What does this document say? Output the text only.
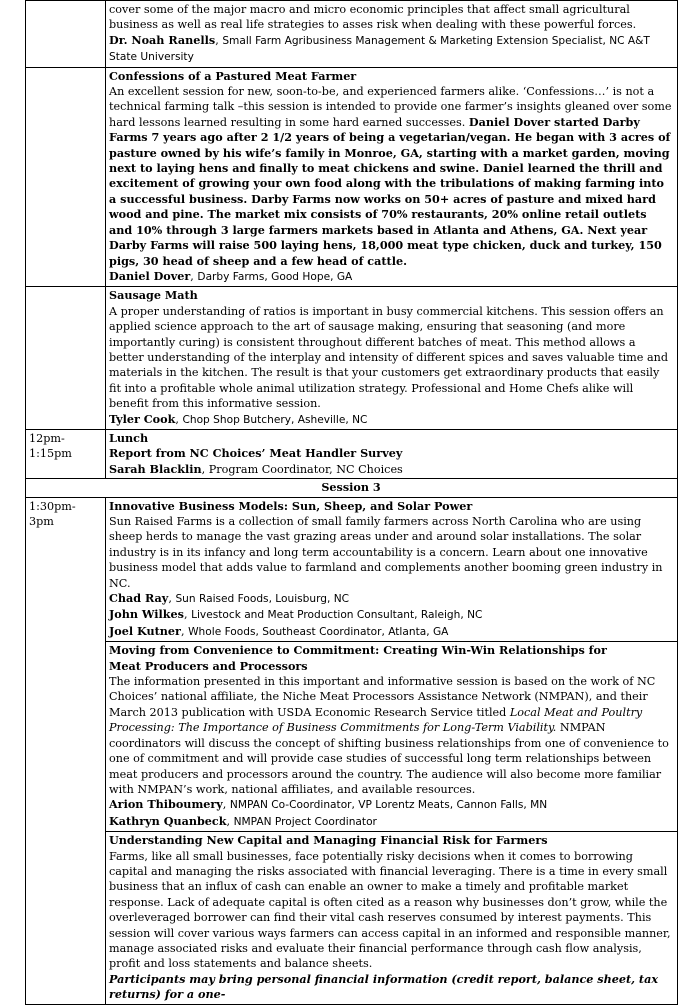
	cover some of the major macro and micro economic principles that affect small agricultural business as well as real life strategies to asses risk when dealing with these powerful forces.
Dr. Noah Ranells, Small Farm Agribusiness Management & Marketing Extension Specialist, NC A&T State University

	Confessions of a Pastured Meat Farmer
An excellent session for new, soon-to-be, and experienced farmers alike. ‘Confessions…’ is not a technical farming talk –this session is intended to provide one farmer’s insights gleaned over some hard lessons learned resulting in some hard earned successes. Daniel Dover started Darby Farms 7 years ago after 2 1/2 years of being a vegetarian/vegan. He began with 3 acres of pasture owned by his wife’s family in Monroe, GA, starting with a market garden, moving next to laying hens and finally to meat chickens and swine. Daniel learned the thrill and excitement of growing your own food along with the tribulations of making farming into a successful business. Darby Farms now works on 50+ acres of pasture and mixed hard wood and pine. The market mix consists of 70% restaurants, 20% online retail outlets and 10% through 3 large farmers markets based in Atlanta and Athens, GA. Next year Darby Farms will raise 500 laying hens, 18,000 meat type chicken, duck and turkey, 150 pigs, 30 head of sheep and a few head of cattle.
Daniel Dover, Darby Farms, Good Hope, GA

	Sausage Math
A proper understanding of ratios is important in busy commercial kitchens. This session offers an applied science approach to the art of sausage making, ensuring that seasoning (and more importantly curing) is consistent throughout different batches of meat. This method allows a better understanding of the interplay and intensity of different spices and saves valuable time and materials in the kitchen. The result is that your customers get extraordinary products that easily fit into a profitable whole animal utilization strategy. Professional and Home Chefs alike will benefit from this informative session.
Tyler Cook, Chop Shop Butchery, Asheville, NC

12pm-
1:15pm	Lunch
Report from NC Choices’ Meat Handler Survey
Sarah Blacklin, Program Coordinator, NC Choices

Session 3	
1:30pm-
3pm	Innovative Business Models: Sun, Sheep, and Solar Power
Sun Raised Farms is a collection of small family farmers across North Carolina who are using sheep herds to manage the vast grazing areas under and around solar installations. The solar industry is in its infancy and long term accountability is a concern. Learn about one innovative business model that adds value to farmland and complements another booming green industry in NC.
Chad Ray, Sun Raised Foods, Louisburg, NC
John Wilkes, Livestock and Meat Production Consultant, Raleigh, NC
Joel Kutner, Whole Foods, Southeast Coordinator, Atlanta, GA

	Moving from Convenience to Commitment: Creating Win-Win Relationships for
Meat Producers and Processors
The information presented in this important and informative session is based on the work of NC Choices’ national affiliate, the Niche Meat Processors Assistance Network (NMPAN), and their March 2013 publication with USDA Economic Research Service titled Local Meat and Poultry Processing: The Importance of Business Commitments for Long-Term Viability. NMPAN coordinators will discuss the concept of shifting business relationships from one of convenience to one of commitment and will provide case studies of successful long term relationships between meat producers and processors around the country. The audience will also become more familiar with NMPAN’s work, national affiliates, and available resources.
Arion Thiboumery, NMPAN Co-Coordinator, VP Lorentz Meats, Cannon Falls, MN
Kathryn Quanbeck, NMPAN Project Coordinator

	Understanding New Capital and Managing Financial Risk for Farmers
Farms, like all small businesses, face potentially risky decisions when it comes to borrowing capital and managing the risks associated with financial leveraging. There is a time in every small business that an influx of cash can enable an owner to make a timely and profitable market response. Lack of adequate capital is often cited as a reason why businesses don’t grow, while the overleveraged borrower can find their vital cash reserves consumed by interest payments. This session will cover various ways farmers can access capital in an informed and responsible manner, manage associated risks and evaluate their financial performance through cash flow analysis, profit and loss statements and balance sheets.
Participants may bring personal financial information (credit report, balance sheet, tax returns) for a one-
